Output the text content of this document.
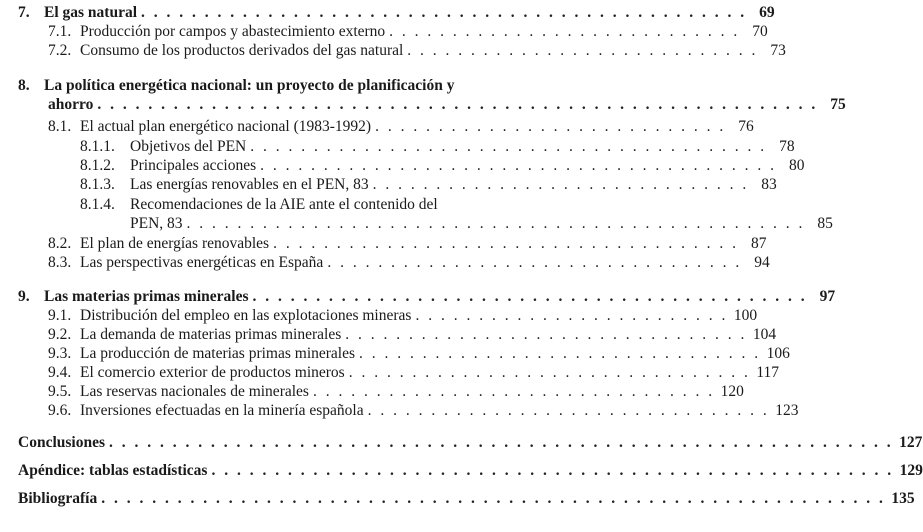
7. El gas natural . . . . . . . . . . . . . . . . . . . . . . . . . . . . . . . . . . . . . . . . . . . . . . . . 69
7.1. Producción por campos y abastecimiento externo . . . . . . . . . . . . . . . . . . . . . . . . . . . . 70
7.2. Consumo de los productos derivados del gas natural . . . . . . . . . . . . . . . . . . . . . . . . . . . . 73
8. La política energética nacional: un proyecto de planificación y
ahorro . . . . . . . . . . . . . . . . . . . . . . . . . . . . . . . . . . . . . . . . . . . . . . . . . . . . . . . . . 75
8.1. El actual plan energético nacional (1983-1992) . . . . . . . . . . . . . . . . . . . . . . . . . . . . 76
8.1.1. Objetivos del PEN . . . . . . . . . . . . . . . . . . . . . . . . . . . . . . . . . . . . . . . . . 78
8.1.2. Principales acciones . . . . . . . . . . . . . . . . . . . . . . . . . . . . . . . . . . . . . . . . . 80
8.1.3. Las energías renovables en el PEN, 83 . . . . . . . . . . . . . . . . . . . . . . . . . . . . . . 83
8.1.4. Recomendaciones de la AIE ante el contenido del
PEN, 83 . . . . . . . . . . . . . . . . . . . . . . . . . . . . . . . . . . . . . . . . . . . . . . . . . 85
8.2. El plan de energías renovables . . . . . . . . . . . . . . . . . . . . . . . . . . . . . . . . . . . . . 87
8.3. Las perspectivas energéticas en España . . . . . . . . . . . . . . . . . . . . . . . . . . . . . . . . . 94
9. Las materias primas minerales . . . . . . . . . . . . . . . . . . . . . . . . . . . . . . . . . . . . . . . . . . . . 97
9.1. Distribución del empleo en las explotaciones mineras . . . . . . . . . . . . . . . . . . . . . . . . . 100
9.2. La demanda de materias primas minerales . . . . . . . . . . . . . . . . . . . . . . . . . . . . . . . . 104
9.3. La producción de materias primas minerales . . . . . . . . . . . . . . . . . . . . . . . . . . . . . . . . 106
9.4. El comercio exterior de productos mineros . . . . . . . . . . . . . . . . . . . . . . . . . . . . . . . . 117
9.5. Las reservas nacionales de minerales . . . . . . . . . . . . . . . . . . . . . . . . . . . . . . . . 120
9.6. Inversiones efectuadas en la minería española . . . . . . . . . . . . . . . . . . . . . . . . . . . . . . . . 123
Conclusiones . . . . . . . . . . . . . . . . . . . . . . . . . . . . . . . . . . . . . . . . . . . . . . . . . . . . . . . . . . . . . . 127
Apéndice: tablas estadísticas . . . . . . . . . . . . . . . . . . . . . . . . . . . . . . . . . . . . . . . . . . . . . . . . . . . . . . 129
Bibliografía . . . . . . . . . . . . . . . . . . . . . . . . . . . . . . . . . . . . . . . . . . . . . . . . . . . . . . . . . . . . . . 135
